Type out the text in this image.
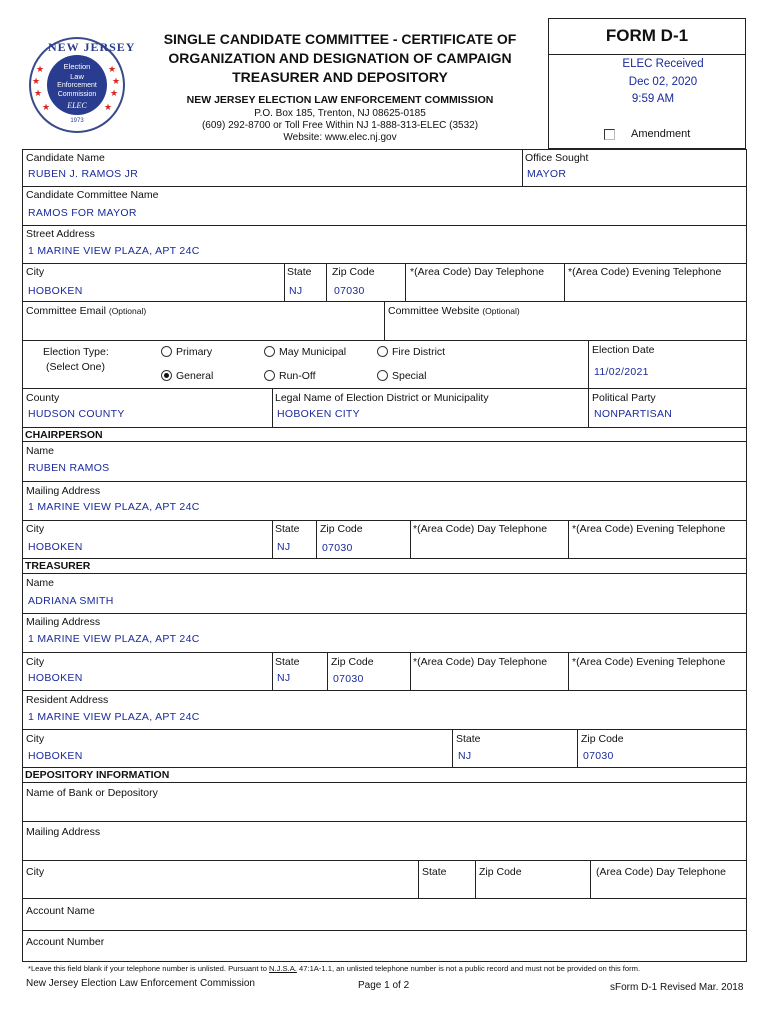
★
★
★
★
★
★
★	★
NEW JERSEY
Election
Law
Enforcement
Commission
ELEC
1973
SINGLE CANDIDATE COMMITTEE - CERTIFICATE OF
ORGANIZATION AND DESIGNATION OF CAMPAIGN
TREASURER AND DEPOSITORY
NEW JERSEY ELECTION LAW ENFORCEMENT COMMISSION
P.O. Box 185, Trenton, NJ 08625-0185
(609) 292-8700 or Toll Free Within NJ 1-888-313-ELEC (3532)
Website: www.elec.nj.gov
FORM D-1
ELEC Received
Dec 02, 2020
9:59 AM
Amendment
Candidate Name
RUBEN J. RAMOS JR
Office Sought
MAYOR
Candidate Committee Name
RAMOS FOR MAYOR
Street Address
1 MARINE VIEW PLAZA, APT 24C
City
HOBOKEN
State
NJ
Zip Code
07030
*(Area Code) Day Telephone *(Area Code) Evening Telephone
Committee Email (Optional)	Committee Website (Optional)
Election Type:
(Select One)
Primary
General
May Municipal
Run-Off
Fire District
Special
Election Date
11/02/2021
County
HUDSON COUNTY
Legal Name of Election District or Municipality
HOBOKEN CITY
Political Party
NONPARTISAN
CHAIRPERSON
Name
RUBEN RAMOS
Mailing Address
1 MARINE VIEW PLAZA, APT 24C
City
HOBOKEN
State
NJ
Zip Code
07030
*(Area Code) Day Telephone *(Area Code) Evening Telephone
TREASURER
Name
ADRIANA SMITH
Mailing Address
1 MARINE VIEW PLAZA, APT 24C
City
HOBOKEN
State
NJ
Zip Code
07030
*(Area Code) Day Telephone *(Area Code) Evening Telephone
Resident Address
1 MARINE VIEW PLAZA, APT 24C
City
HOBOKEN
State
NJ
Zip Code
07030
DEPOSITORY INFORMATION
Name of Bank or Depository
Mailing Address
City	State	Zip Code	(Area Code) Day Telephone
Account Name
Account Number
*Leave this field blank if your telephone number is unlisted. Pursuant to N.J.S.A. 47:1A-1.1, an unlisted telephone number is not a public record and must not be provided on this form.
New Jersey Election Law Enforcement Commission	Page 1 of 2	sForm D-1 Revised Mar. 2018
